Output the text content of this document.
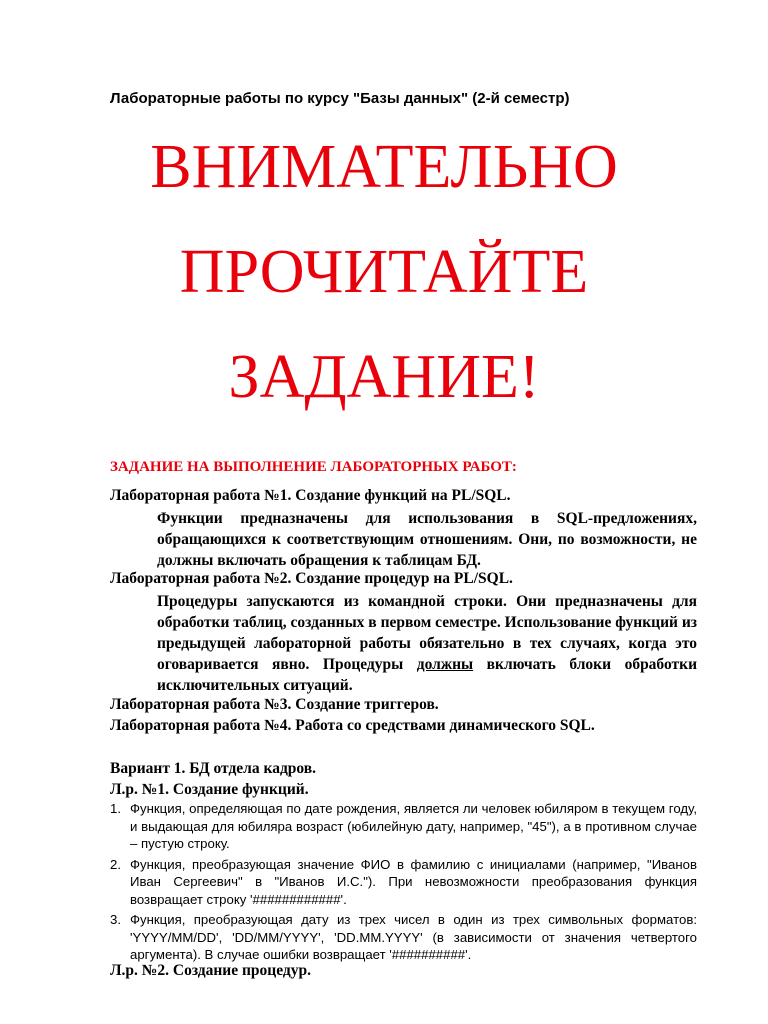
Лабораторные работы по курсу "Базы данных" (2-й семестр)
ВНИМАТЕЛЬНО
ПРОЧИТАЙТЕ
ЗАДАНИЕ!
ЗАДАНИЕ НА ВЫПОЛНЕНИЕ ЛАБОРАТОРНЫХ РАБОТ:
Лабораторная работа №1. Создание функций на PL/SQL.
Функции предназначены для использования в SQL-предложениях, обращающихся к соответствующим отношениям. Они, по возможности, не должны включать обращения к таблицам БД.
Лабораторная работа №2. Создание процедур на PL/SQL.
Процедуры запускаются из командной строки. Они предназначены для обработки таблиц, созданных в первом семестре. Использование функций из предыдущей лабораторной работы обязательно в тех случаях, когда это оговаривается явно. Процедуры должны включать блоки обработки исключительных ситуаций.
Лабораторная работа №3. Создание триггеров.
Лабораторная работа №4. Работа со средствами динамического SQL.
Вариант 1. БД отдела кадров.
Л.р. №1. Создание функций.
1. Функция, определяющая по дате рождения, является ли человек юбиляром в текущем году, и выдающая для юбиляра возраст (юбилейную дату, например, "45"), а в противном случае – пустую строку.
2. Функция, преобразующая значение ФИО в фамилию с инициалами (например, "Иванов Иван Сергеевич" в "Иванов И.С."). При невозможности преобразования функция возвращает строку '############'.
3. Функция, преобразующая дату из трех чисел в один из трех символьных форматов: 'YYYY/MM/DD', 'DD/MM/YYYY', 'DD.MM.YYYY' (в зависимости от значения четвертого аргумента). В случае ошибки возвращает '##########'.
Л.р. №2. Создание процедур.
